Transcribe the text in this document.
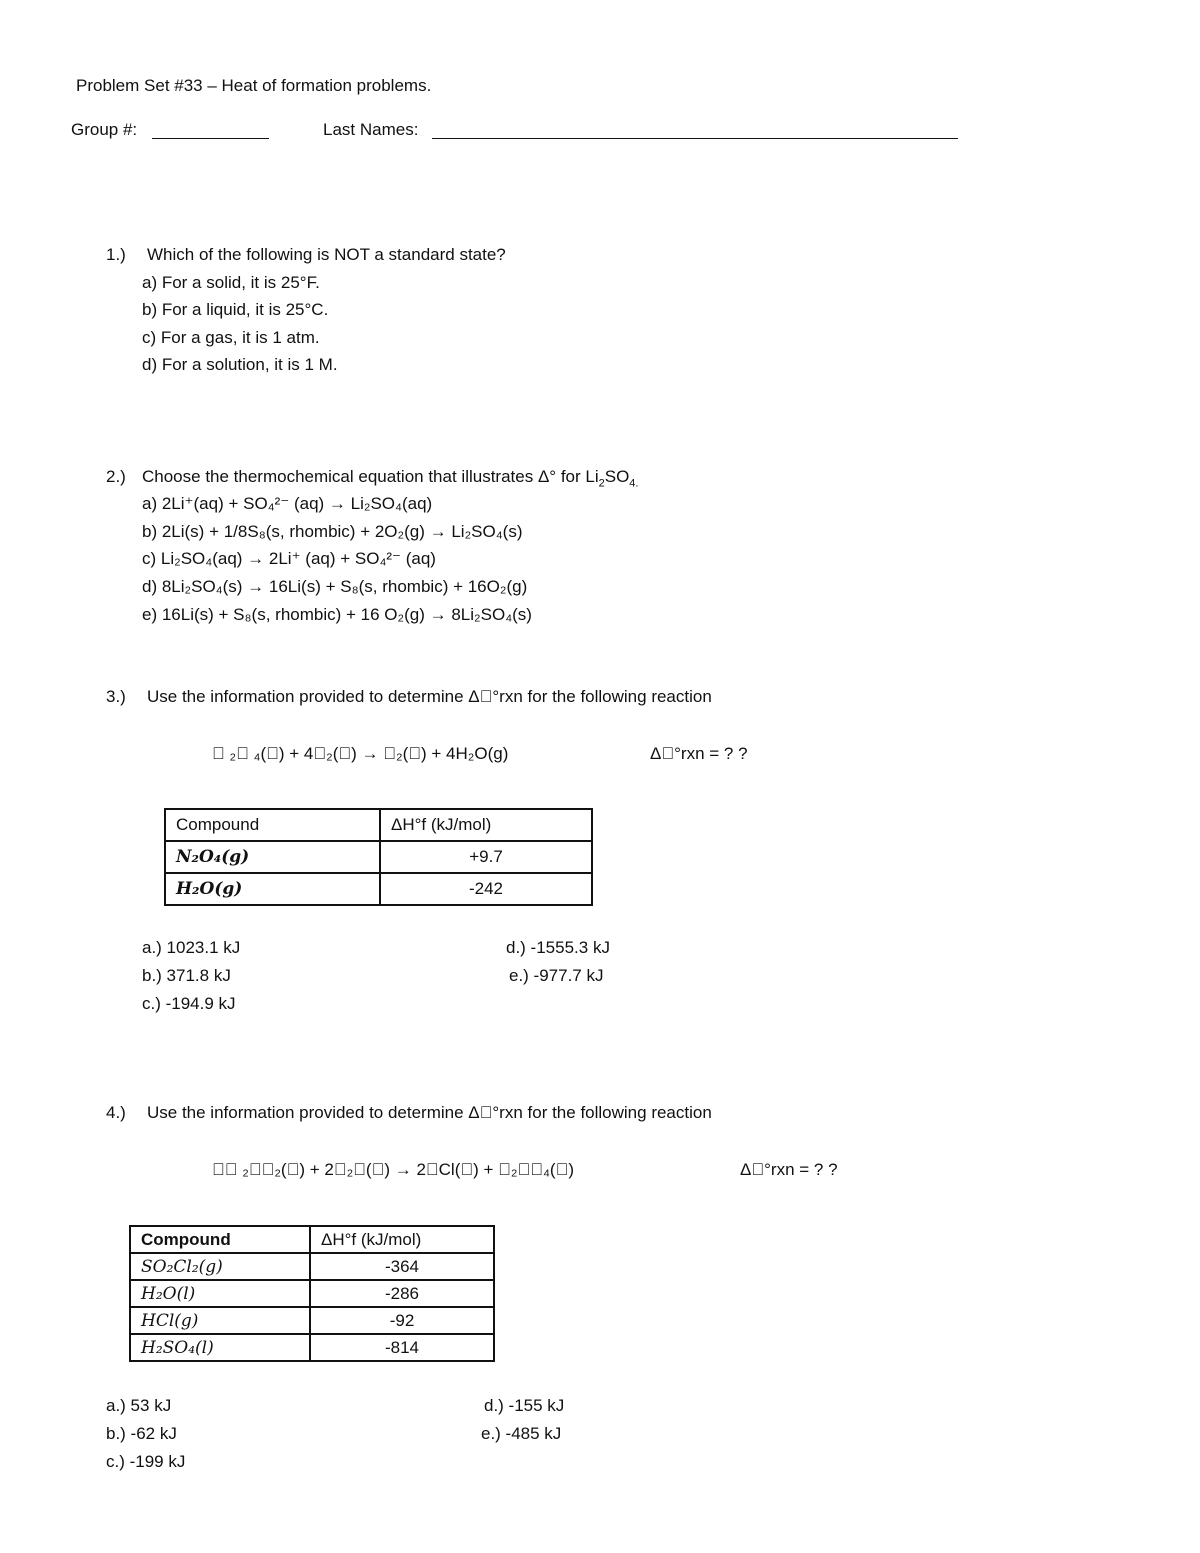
Problem Set #33 – Heat of formation problems.
Group #:	Last Names:
1.) Which of the following is NOT a standard state?
a) For a solid, it is 25°F.
b) For a liquid, it is 25°C.
c) For a gas, it is 1 atm.
d) For a solution, it is 1 M.
2.) Choose the thermochemical equation that illustrates Δ° for $Li_2SO_{4.}$
a) 2Li⁺(aq) + SO₄²⁻ (aq) → Li₂SO₄(aq)
b) 2Li(s) + 1/8S₈(s, rhombic) + 2O₂(g) → Li₂SO₄(s)
c) Li₂SO₄(aq) → 2Li⁺ (aq) + SO₄²⁻ (aq)
d) 8Li₂SO₄(s) → 16Li(s) + S₈(s, rhombic) + 16O₂(g)
e) 16Li(s) + S₈(s, rhombic) + 16 O₂(g) → 8Li₂SO₄(s)
3.) Use the information provided to determine Δ􏰀°rxn for the following reaction
􏰁 ₂􏰂 ₄(􏰃) + 4􏰄₂(􏰃) → 􏰁₂(􏰃) + 4H₂O(g)	Δ􏰀°rxn = ? ?
Compound	ΔH°f (kJ/mol)
N₂O₄(g)	+9.7
H₂O(g)	-242
a.) 1023.1 kJ
b.) 371.8 kJ
c.) -194.9 kJ
d.) -1555.3 kJ
e.) -977.7 kJ
4.) Use the information provided to determine Δ􏰀°rxn for the following reaction
􏰅􏰂 ₂􏰆􏰇₂(􏰃) + 2􏰄₂􏰂(􏰇) → 2􏰄Cl(􏰃) + 􏰄₂􏰅􏰂₄(􏰇)	Δ􏰀°rxn = ? ?
Compound	ΔH°f (kJ/mol)
SO₂Cl₂(g)	-364
H₂O(l)	-286
HCl(g)	-92
H₂SO₄(l)	-814
a.) 53 kJ
b.) -62 kJ
c.) -199 kJ
d.) -155 kJ
e.) -485 kJ
